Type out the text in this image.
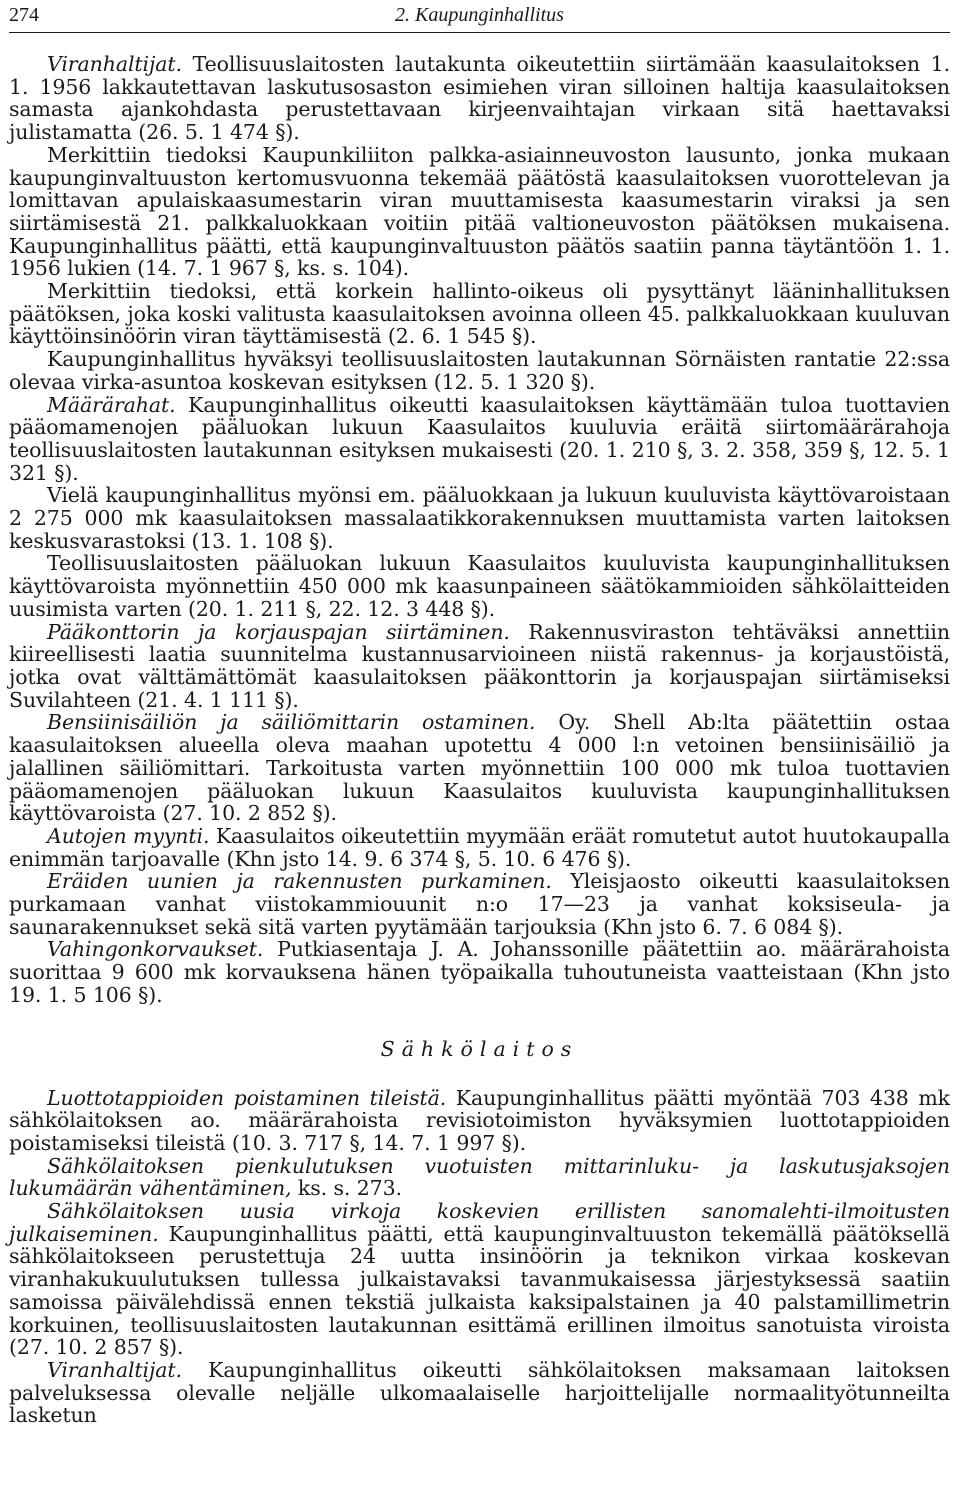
274	2. Kaupunginhallitus

Viranhaltijat. Teollisuuslaitosten lautakunta oikeutettiin siirtämään kaasulaitoksen 1. 1. 1956 lakkautettavan laskutusosaston esimiehen viran silloinen haltija kaasulaitoksen samasta ajankohdasta perustettavaan kirjeenvaihtajan virkaan sitä haettavaksi julistamatta (26. 5. 1 474 §).

Merkittiin tiedoksi Kaupunkiliiton palkka-asiainneuvoston lausunto, jonka mukaan kaupunginvaltuuston kertomusvuonna tekemää päätöstä kaasulaitoksen vuorottelevan ja lomittavan apulaiskaasumestarin viran muuttamisesta kaasumestarin viraksi ja sen siirtämisestä 21. palkkaluokkaan voitiin pitää valtioneuvoston päätöksen mukaisena. Kaupunginhallitus päätti, että kaupunginvaltuuston päätös saatiin panna täytäntöön 1. 1. 1956 lukien (14. 7. 1 967 §, ks. s. 104).

Merkittiin tiedoksi, että korkein hallinto-oikeus oli pysyttänyt lääninhallituksen päätöksen, joka koski valitusta kaasulaitoksen avoinna olleen 45. palkkaluokkaan kuuluvan käyttöinsinöörin viran täyttämisestä (2. 6. 1 545 §).

Kaupunginhallitus hyväksyi teollisuuslaitosten lautakunnan Sörnäisten rantatie 22:ssa olevaa virka-asuntoa koskevan esityksen (12. 5. 1 320 §).

Määrärahat. Kaupunginhallitus oikeutti kaasulaitoksen käyttämään tuloa tuottavien pääomamenojen pääluokan lukuun Kaasulaitos kuuluvia eräitä siirtomäärärahoja teollisuuslaitosten lautakunnan esityksen mukaisesti (20. 1. 210 §, 3. 2. 358, 359 §, 12. 5. 1 321 §).

Vielä kaupunginhallitus myönsi em. pääluokkaan ja lukuun kuuluvista käyttövaroistaan 2 275 000 mk kaasulaitoksen massalaatikkorakennuksen muuttamista varten laitoksen keskusvarastoksi (13. 1. 108 §).

Teollisuuslaitosten pääluokan lukuun Kaasulaitos kuuluvista kaupunginhallituksen käyttövaroista myönnettiin 450 000 mk kaasunpaineen säätökammioiden sähkölaitteiden uusimista varten (20. 1. 211 §, 22. 12. 3 448 §).

Pääkonttorin ja korjauspajan siirtäminen. Rakennusviraston tehtäväksi annettiin kiireellisesti laatia suunnitelma kustannusarvioineen niistä rakennus- ja korjaustöistä, jotka ovat välttämättömät kaasulaitoksen pääkonttorin ja korjauspajan siirtämiseksi Suvilahteen (21. 4. 1 111 §).

Bensiinisäiliön ja säiliömittarin ostaminen. Oy. Shell Ab:lta päätettiin ostaa kaasulaitoksen alueella oleva maahan upotettu 4 000 l:n vetoinen bensiinisäiliö ja jalallinen säiliömittari. Tarkoitusta varten myönnettiin 100 000 mk tuloa tuottavien pääomamenojen pääluokan lukuun Kaasulaitos kuuluvista kaupunginhallituksen käyttövaroista (27. 10. 2 852 §).

Autojen myynti. Kaasulaitos oikeutettiin myymään eräät romutetut autot huutokaupalla enimmän tarjoavalle (Khn jsto 14. 9. 6 374 §, 5. 10. 6 476 §).

Eräiden uunien ja rakennusten purkaminen. Yleisjaosto oikeutti kaasulaitoksen purkamaan vanhat viistokammiouunit n:o 17—23 ja vanhat koksiseula- ja saunarakennukset sekä sitä varten pyytämään tarjouksia (Khn jsto 6. 7. 6 084 §).

Vahingonkorvaukset. Putkiasentaja J. A. Johanssonille päätettiin ao. määrärahoista suorittaa 9 600 mk korvauksena hänen työpaikalla tuhoutuneista vaatteistaan (Khn jsto 19. 1. 5 106 §).

Sähkölaitos

Luottotappioiden poistaminen tileistä. Kaupunginhallitus päätti myöntää 703 438 mk sähkölaitoksen ao. määrärahoista revisiotoimiston hyväksymien luottotappioiden poistamiseksi tileistä (10. 3. 717 §, 14. 7. 1 997 §).

Sähkölaitoksen pienkulutuksen vuotuisten mittarinluku- ja laskutusjaksojen lukumäärän vähentäminen, ks. s. 273.

Sähkölaitoksen uusia virkoja koskevien erillisten sanomalehti-ilmoitusten julkaiseminen. Kaupunginhallitus päätti, että kaupunginvaltuuston tekemällä päätöksellä sähkölaitokseen perustettuja 24 uutta insinöörin ja teknikon virkaa koskevan viranhakukuulutuksen tullessa julkaistavaksi tavanmukaisessa järjestyksessä saatiin samoissa päivälehdissä ennen tekstiä julkaista kaksipalstainen ja 40 palstamillimetrin korkuinen, teollisuuslaitosten lautakunnan esittämä erillinen ilmoitus sanotuista viroista (27. 10. 2 857 §).

Viranhaltijat. Kaupunginhallitus oikeutti sähkölaitoksen maksamaan laitoksen palveluksessa olevalle neljälle ulkomaalaiselle harjoittelijalle normaalityötunneilta lasketun
